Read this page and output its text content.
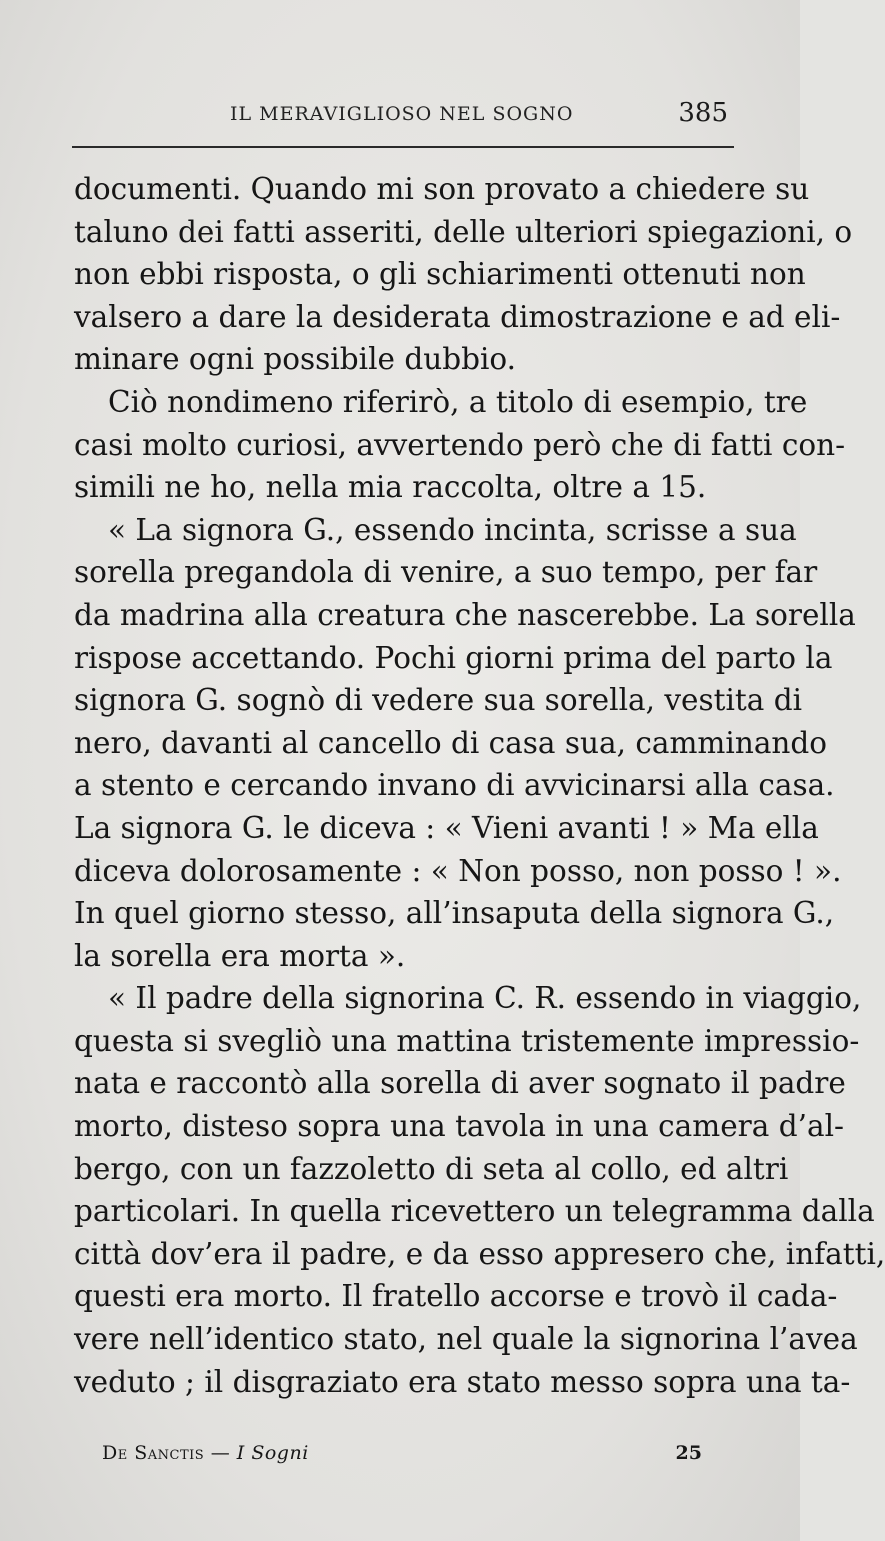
IL MERAVIGLIOSO NEL SOGNO	385
documenti. Quando mi son provato a chiedere su
taluno dei fatti asseriti, delle ulteriori spiegazioni, o
non ebbi risposta, o gli schiarimenti ottenuti non
valsero a dare la desiderata dimostrazione e ad eli-
minare ogni possibile dubbio.
Ciò nondimeno riferirò, a titolo di esempio, tre
casi molto curiosi, avvertendo però che di fatti con-
simili ne ho, nella mia raccolta, oltre a 15.
« La signora G., essendo incinta, scrisse a sua
sorella pregandola di venire, a suo tempo, per far
da madrina alla creatura che nascerebbe. La sorella
rispose accettando. Pochi giorni prima del parto la
signora G. sognò di vedere sua sorella, vestita di
nero, davanti al cancello di casa sua, camminando
a stento e cercando invano di avvicinarsi alla casa.
La signora G. le diceva : « Vieni avanti ! » Ma ella
diceva dolorosamente : « Non posso, non posso ! ».
In quel giorno stesso, all’insaputa della signora G.,
la sorella era morta ».
« Il padre della signorina C. R. essendo in viaggio,
questa si svegliò una mattina tristemente impressio-
nata e raccontò alla sorella di aver sognato il padre
morto, disteso sopra una tavola in una camera d’al-
bergo, con un fazzoletto di seta al collo, ed altri
particolari. In quella ricevettero un telegramma dalla
città dov’era il padre, e da esso appresero che, infatti,
questi era morto. Il fratello accorse e trovò il cada-
vere nell’identico stato, nel quale la signorina l’avea
veduto ; il disgraziato era stato messo sopra una ta-
De Sanctis — I Sogni	25
